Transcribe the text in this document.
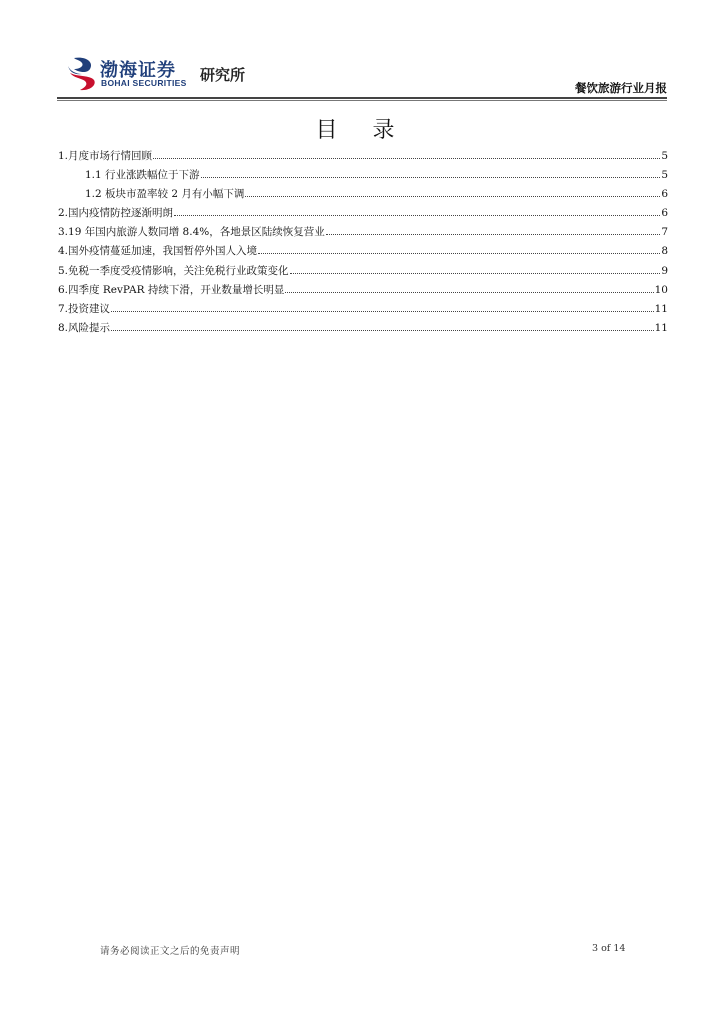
渤海证券
BOHAI SECURITIES 研究所
餐饮旅游行业月报
目 录
1.月度市场行情回顾	5
1.1 行业涨跌幅位于下游	5
1.2 板块市盈率较 2 月有小幅下调	6
2.国内疫情防控逐渐明朗	6
3.19 年国内旅游人数同增 8.4%，各地景区陆续恢复营业	7
4.国外疫情蔓延加速，我国暂停外国人入境	8
5.免税一季度受疫情影响，关注免税行业政策变化	9
6.四季度 RevPAR 持续下滑，开业数量增长明显	10
7.投资建议	11
8.风险提示	11
请务必阅读正文之后的免责声明	3 of 14
